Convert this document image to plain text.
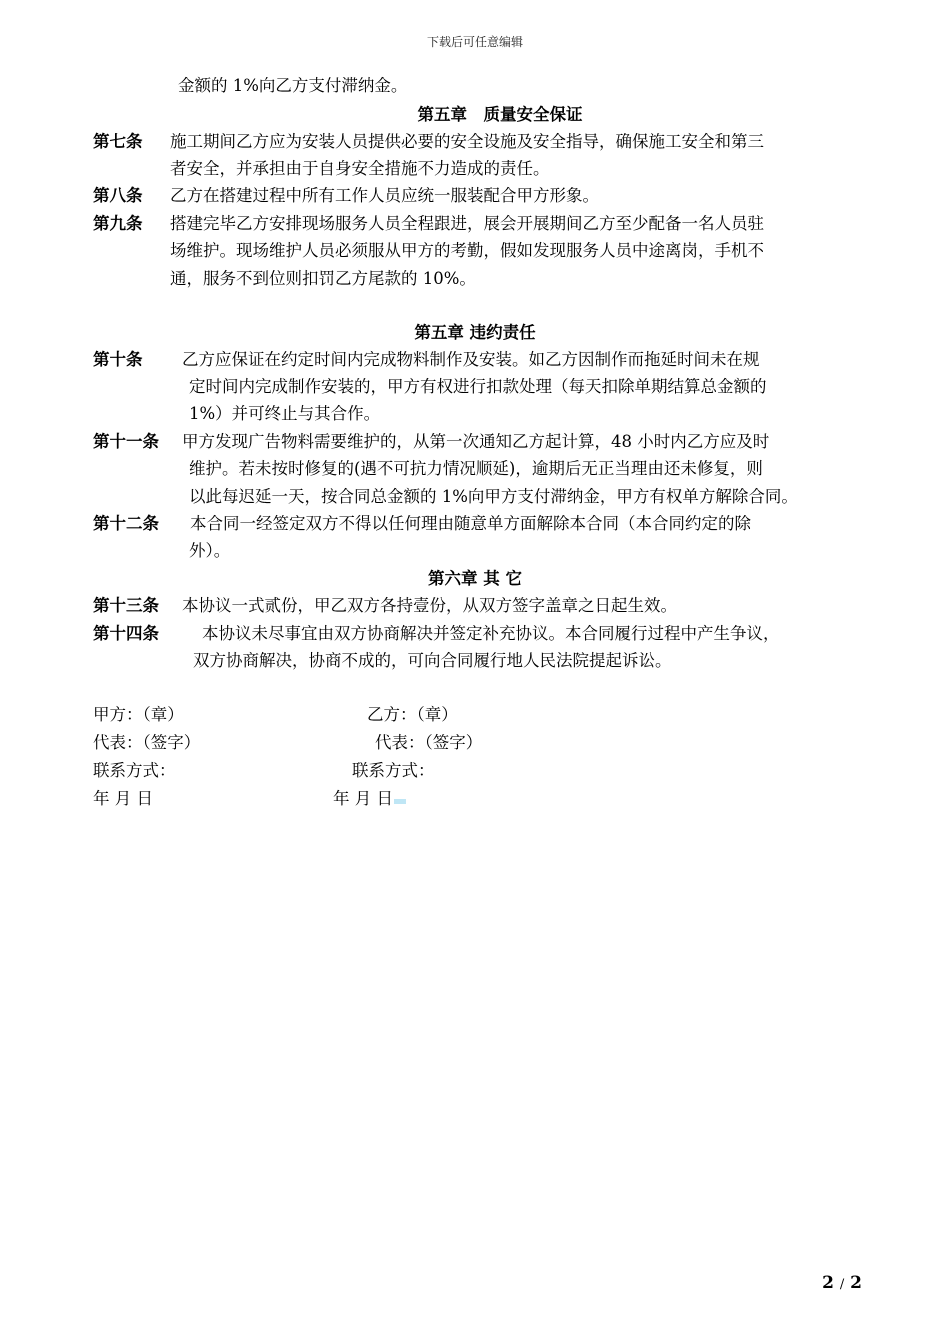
下载后可任意编辑
金额的 1%向乙方支付滞纳金。
第五章　质量安全保证
第七条 施工期间乙方应为安装人员提供必要的安全设施及安全指导，确保施工安全和第三
者安全，并承担由于自身安全措施不力造成的责任。
第八条 乙方在搭建过程中所有工作人员应统一服装配合甲方形象。
第九条 搭建完毕乙方安排现场服务人员全程跟进，展会开展期间乙方至少配备一名人员驻
场维护。现场维护人员必须服从甲方的考勤，假如发现服务人员中途离岗，手机不
通，服务不到位则扣罚乙方尾款的 10%。
第五章 违约责任
第十条 乙方应保证在约定时间内完成物料制作及安装。如乙方因制作而拖延时间未在规
定时间内完成制作安装的，甲方有权进行扣款处理（每天扣除单期结算总金额的
1%）并可终止与其合作。
第十一条 甲方发现广告物料需要维护的，从第一次通知乙方起计算，48 小时内乙方应及时
维护。若未按时修复的(遇不可抗力情况顺延)，逾期后无正当理由还未修复，则
以此每迟延一天，按合同总金额的 1%向甲方支付滞纳金，甲方有权单方解除合同。
第十二条 本合同一经签定双方不得以任何理由随意单方面解除本合同（本合同约定的除
外）。
第六章 其 它
第十三条 本协议一式贰份，甲乙双方各持壹份，从双方签字盖章之日起生效。
第十四条	本协议未尽事宜由双方协商解决并签定补充协议。本合同履行过程中产生争议，
双方协商解决，协商不成的，可向合同履行地人民法院提起诉讼。
甲方：（章）	乙方：（章）
代表：（签字）	代表：（签字）
联系方式：	联系方式：
年 月 日	年 月 日
2 / 2
